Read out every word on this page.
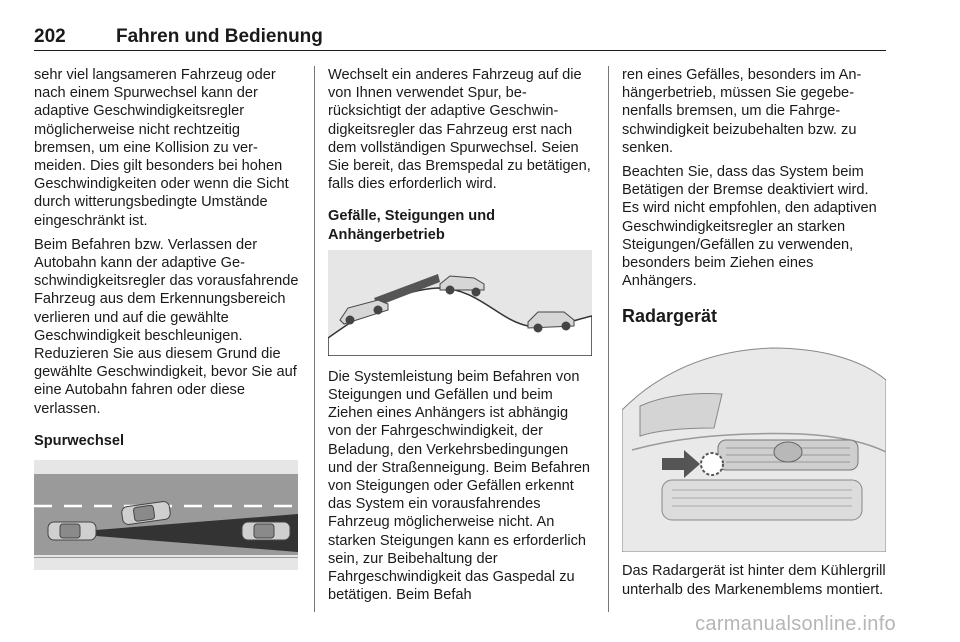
202	Fahren und Bedienung

sehr viel langsameren Fahrzeug oder nach einem Spurwechsel kann der adaptive Geschwindigkeitsregler möglicherweise nicht rechtzeitig bremsen, um eine Kollision zu vermeiden. Dies gilt besonders bei hohen Geschwindigkeiten oder wenn die Sicht durch witterungsbedingte Umstände eingeschränkt ist.

Beim Befahren bzw. Verlassen der Autobahn kann der adaptive Geschwindigkeitsregler das vorausfahrende Fahrzeug aus dem Erkennungsbereich verlieren und auf die gewählte Geschwindigkeit beschleunigen. Reduzieren Sie aus diesem Grund die gewählte Geschwindigkeit, bevor Sie auf eine Autobahn fahren oder diese verlassen.

Spurwechsel

Wechselt ein anderes Fahrzeug auf die von Ihnen verwendet Spur, berücksichtigt der adaptive Geschwindigkeitsregler das Fahrzeug erst nach dem vollständigen Spurwechsel. Seien Sie bereit, das Bremspedal zu betätigen, falls dies erforderlich wird.

Gefälle, Steigungen und Anhängerbetrieb

Die Systemleistung beim Befahren von Steigungen und Gefällen und beim Ziehen eines Anhängers ist abhängig von der Fahrgeschwindigkeit, der Beladung, den Verkehrsbedingungen und der Straßenneigung. Beim Befahren von Steigungen oder Gefällen erkennt das System ein vorausfahrendes Fahrzeug möglicherweise nicht. An starken Steigungen kann es erforderlich sein, zur Beibehaltung der Fahrgeschwindigkeit das Gaspedal zu betätigen. Beim Befah

ren eines Gefälles, besonders im Anhängerbetrieb, müssen Sie gegebenenfalls bremsen, um die Fahrgeschwindigkeit beizubehalten bzw. zu senken.

Beachten Sie, dass das System beim Betätigen der Bremse deaktiviert wird. Es wird nicht empfohlen, den adaptiven Geschwindigkeitsregler an starken Steigungen/Gefällen zu verwenden, besonders beim Ziehen eines Anhängers.

Radargerät

Das Radargerät ist hinter dem Kühlergrill unterhalb des Markenemblems montiert.

carmanualsonline.info
